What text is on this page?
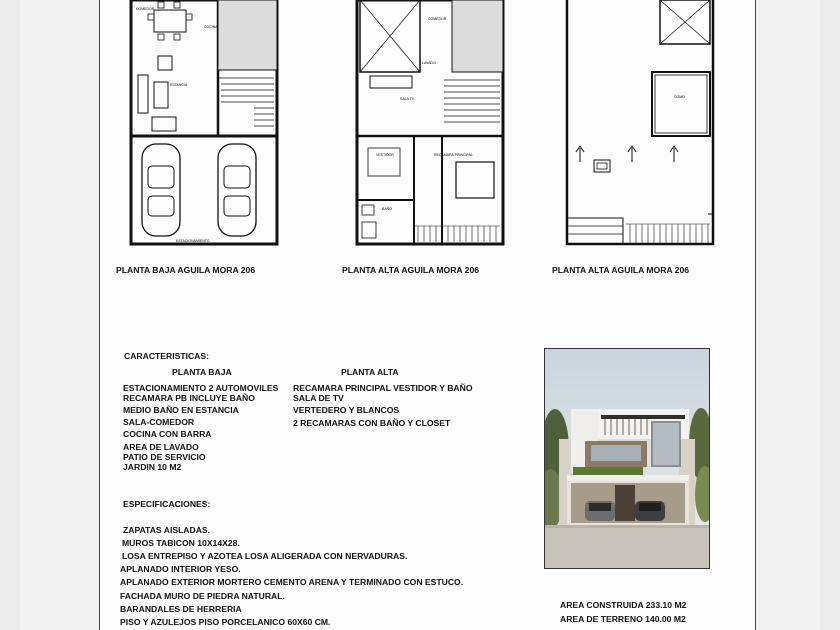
COMEDOR
COCINA
ESTANCIA
ESTACIONAMIENTO
COMEDOR
LAVADO
SALA TV
VESTIDOR	RECAMARA PRINCIPAL
BAÑO
DOMO
PLANTA BAJA AGUILA MORA 206	PLANTA ALTA AGUILA MORA 206	PLANTA ALTA AGUILA MORA 206
CARACTERISTICAS:
PLANTA BAJA	PLANTA ALTA
ESTACIONAMIENTO 2 AUTOMOVILES
RECAMARA PB INCLUYE BAÑO
MEDIO BAÑO EN ESTANCIA
SALA-COMEDOR
COCINA CON BARRA
AREA DE LAVADO
PATIO DE SERVICIO
JARDIN 10 M2
RECAMARA PRINCIPAL VESTIDOR Y BAÑO
SALA DE TV
VERTEDERO Y BLANCOS
2 RECAMARAS CON BAÑO Y CLOSET
ESPECIFICACIONES:
ZAPATAS AISLADAS.
MUROS TABICON 10X14X28.
LOSA ENTREPISO Y AZOTEA LOSA ALIGERADA CON NERVADURAS.
APLANADO INTERIOR YESO.
APLANADO EXTERIOR MORTERO CEMENTO ARENA Y TERMINADO CON ESTUCO.
FACHADA MURO DE PIEDRA NATURAL.
BARANDALES DE HERRERIA
PISO Y AZULEJOS PISO PORCELANICO 60X60 CM.
AREA CONSTRUIDA 233.10 M2
AREA DE TERRENO 140.00 M2
